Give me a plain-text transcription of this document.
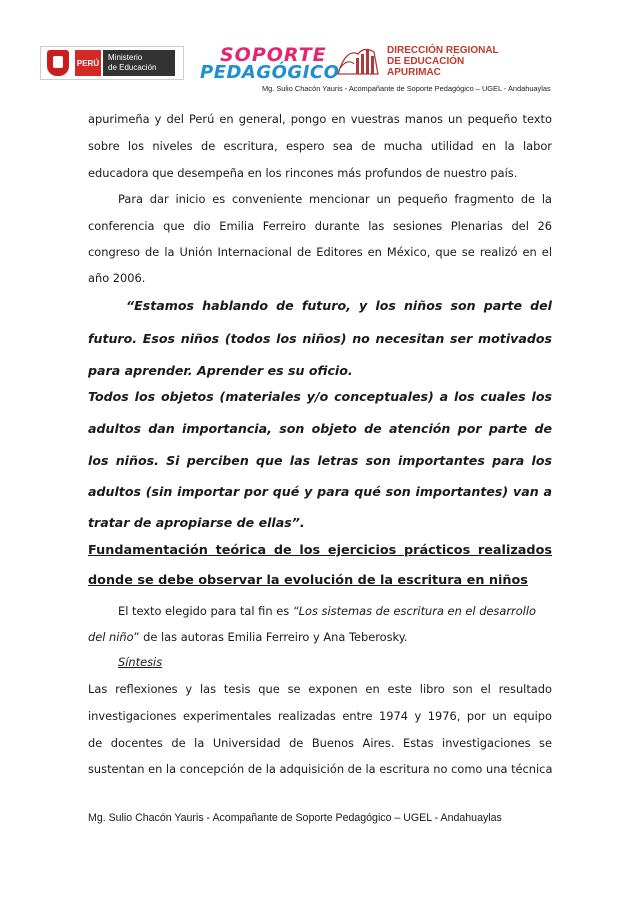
PERÚ
Ministerio
de Educación
SOPORTE
PEDAGÓGICO
DIRECCIÓN REGIONAL
DE EDUCACIÓN
APURIMAC
Mg. Sulio Chacón Yauris - Acompañante de Soporte Pedagógico – UGEL - Andahuaylas
apurimeña y del Perú en general, pongo en vuestras manos un pequeño texto
sobre los niveles de escritura, espero sea de mucha utilidad en la labor
educadora que desempeña en los rincones más profundos de nuestro país.
Para dar inicio es conveniente mencionar un pequeño fragmento de la
conferencia que dio Emilia Ferreiro durante las sesiones Plenarias del 26
congreso de la Unión Internacional de Editores en México, que se realizó en el
año 2006.
“Estamos hablando de futuro, y los niños son parte del
futuro. Esos niños (todos los niños) no necesitan ser motivados
para aprender. Aprender es su oficio.
Todos los objetos (materiales y/o conceptuales) a los cuales los
adultos dan importancia, son objeto de atención por parte de
los niños. Si perciben que las letras son importantes para los
adultos (sin importar por qué y para qué son importantes) van a
tratar de apropiarse de ellas”.
Fundamentación teórica de los ejercicios prácticos realizados
donde se debe observar la evolución de la escritura en niños
El texto elegido para tal fin es “Los sistemas de escritura en el desarrollo
del niño” de las autoras Emilia Ferreiro y Ana Teberosky.
Síntesis
Las reflexiones y las tesis que se exponen en este libro son el resultado
investigaciones experimentales realizadas entre 1974 y 1976, por un equipo
de docentes de la Universidad de Buenos Aires. Estas investigaciones se
sustentan en la concepción de la adquisición de la escritura no como una técnica
Mg. Sulio Chacón Yauris - Acompañante de Soporte Pedagógico – UGEL - Andahuaylas
